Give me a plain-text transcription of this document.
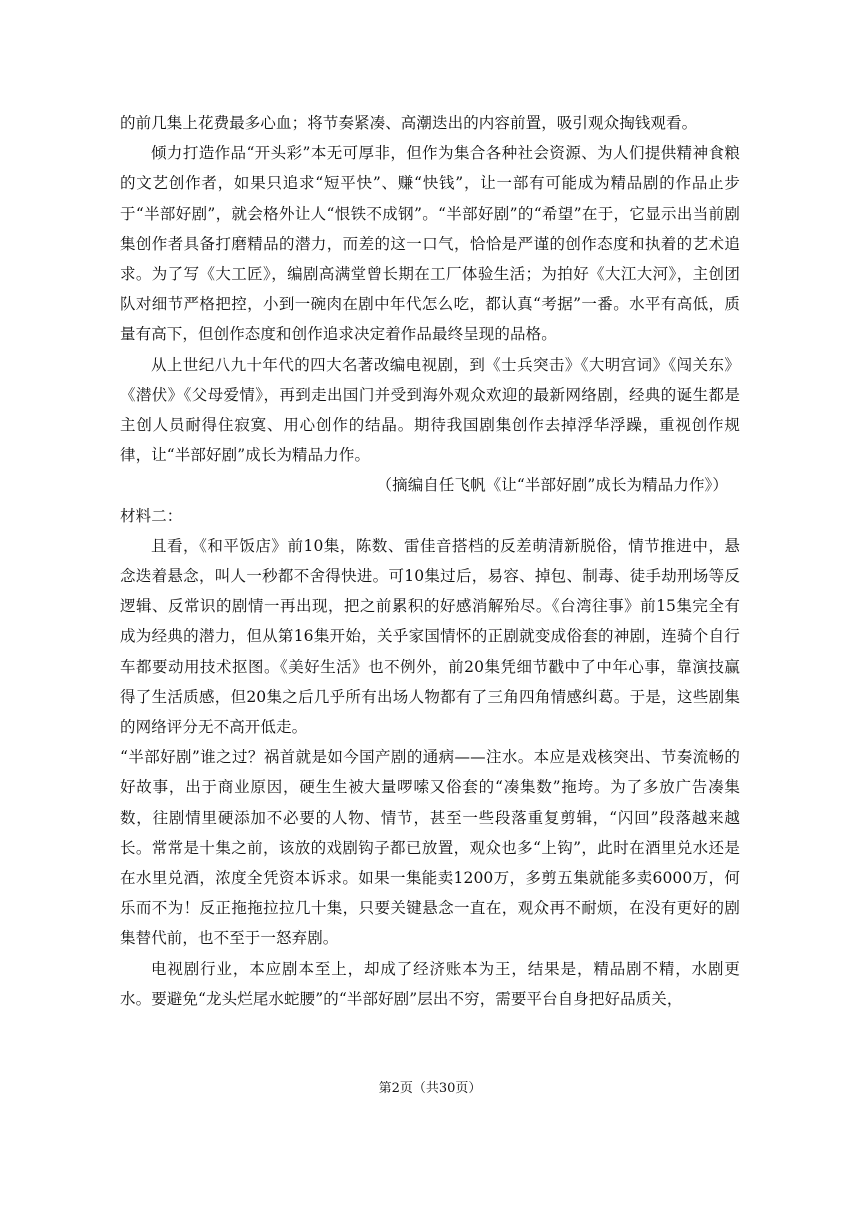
的前几集上花费最多心血；将节奏紧凑、高潮迭出的内容前置，吸引观众掏钱观看。

倾力打造作品“开头彩”本无可厚非，但作为集合各种社会资源、为人们提供精神食粮的文艺创作者，如果只追求“短平快”、赚“快钱”，让一部有可能成为精品剧的作品止步于“半部好剧”，就会格外让人“恨铁不成钢”。“半部好剧”的“希望”在于，它显示出当前剧集创作者具备打磨精品的潜力，而差的这一口气，恰恰是严谨的创作态度和执着的艺术追求。为了写《大工匠》，编剧高满堂曾长期在工厂体验生活；为拍好《大江大河》，主创团队对细节严格把控，小到一碗肉在剧中年代怎么吃，都认真“考据”一番。水平有高低，质量有高下，但创作态度和创作追求决定着作品最终呈现的品格。

从上世纪八九十年代的四大名著改编电视剧，到《士兵突击》《大明宫词》《闯关东》《潜伏》《父母爱情》，再到走出国门并受到海外观众欢迎的最新网络剧，经典的诞生都是主创人员耐得住寂寞、用心创作的结晶。期待我国剧集创作去掉浮华浮躁，重视创作规律，让“半部好剧”成长为精品力作。

（摘编自任飞帆《让“半部好剧”成长为精品力作》）

材料二：

且看，《和平饭店》前10集，陈数、雷佳音搭档的反差萌清新脱俗，情节推进中，悬念迭着悬念，叫人一秒都不舍得快进。可10集过后，易容、掉包、制毒、徒手劫刑场等反逻辑、反常识的剧情一再出现，把之前累积的好感消解殆尽。《台湾往事》前15集完全有成为经典的潜力，但从第16集开始，关乎家国情怀的正剧就变成俗套的神剧，连骑个自行车都要动用技术抠图。《美好生活》也不例外，前20集凭细节戳中了中年心事，靠演技赢得了生活质感，但20集之后几乎所有出场人物都有了三角四角情感纠葛。于是，这些剧集的网络评分无不高开低走。

“半部好剧”谁之过？祸首就是如今国产剧的通病——注水。本应是戏核突出、节奏流畅的好故事，出于商业原因，硬生生被大量啰嗦又俗套的“凑集数”拖垮。为了多放广告凑集数，往剧情里硬添加不必要的人物、情节，甚至一些段落重复剪辑，“闪回”段落越来越长。常常是十集之前，该放的戏剧钩子都已放置，观众也多“上钩”，此时在酒里兑水还是在水里兑酒，浓度全凭资本诉求。如果一集能卖1200万，多剪五集就能多卖6000万，何乐而不为！反正拖拖拉拉几十集，只要关键悬念一直在，观众再不耐烦，在没有更好的剧集替代前，也不至于一怒弃剧。

电视剧行业，本应剧本至上，却成了经济账本为王，结果是，精品剧不精，水剧更水。要避免“龙头烂尾水蛇腰”的“半部好剧”层出不穷，需要平台自身把好品质关，

第2页（共30页）
